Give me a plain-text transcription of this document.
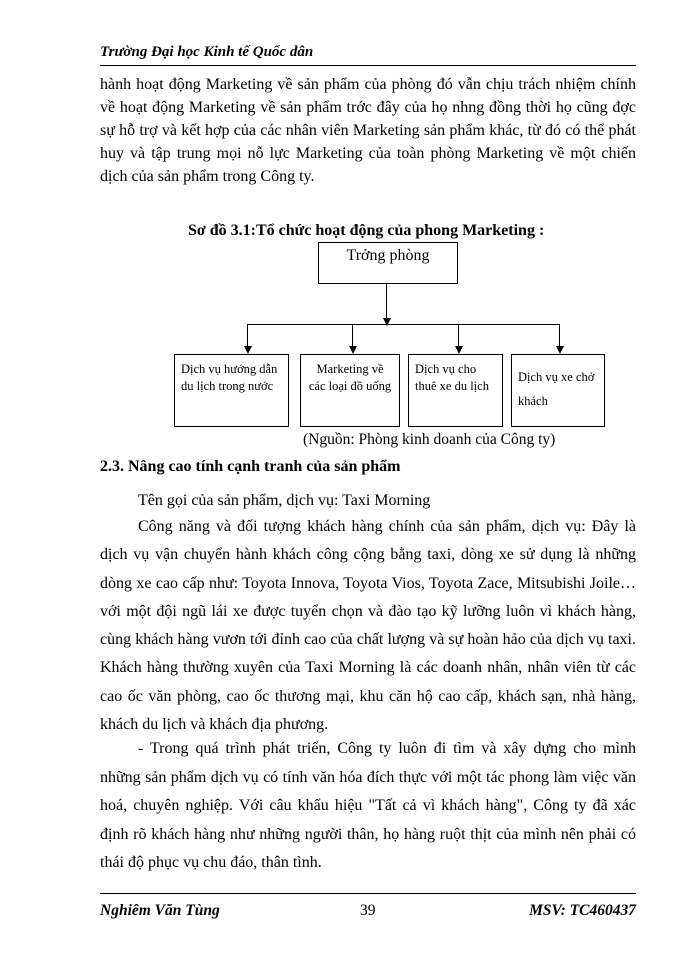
Trường Đại học Kinh tế Quốc dân

hành hoạt động Marketing về sản phẩm của phòng đó vẫn chịu trách nhiệm chính về hoạt động Marketing về sản phẩm trớc đây của họ nhng đồng thời họ cũng đợc sự hỗ trợ và kết hợp của các nhân viên Marketing sản phẩm khác, từ đó có thể phát huy và tập trung mọi nỗ lực Marketing của toàn phòng Marketing về một chiến dịch của sản phẩm trong Công ty.

Sơ đồ 3.1:Tổ chức hoạt động của phong Marketing :
Trởng phòng
Dịch vụ hướng dẫn du lịch trong nước
Marketing về các loại đồ uống
Dịch vụ cho thuê xe du lịch
Dịch vụ xe chở khách
(Nguồn: Phòng kinh doanh của Công ty)
2.3. Nâng cao tính cạnh tranh của sản phẩm

Tên gọi của sản phẩm, dịch vụ: Taxi Morning

Công năng và đối tượng khách hàng chính của sản phẩm, dịch vụ: Đây là dịch vụ vận chuyển hành khách công cộng bằng taxi, dòng xe sử dụng là những dòng xe cao cấp như: Toyota Innova, Toyota Vios, Toyota Zace, Mitsubishi Joile…với một đội ngũ lái xe được tuyển chọn và đào tạo kỹ lưỡng luôn vì khách hàng, cùng khách hàng vươn tới đỉnh cao của chất lượng và sự hoàn hảo của dịch vụ taxi. Khách hàng thường xuyên của Taxi Morning là các doanh nhân, nhân viên từ các cao ốc văn phòng, cao ốc thương mại, khu căn hộ cao cấp, khách sạn, nhà hàng, khách du lịch và khách địa phương.

- Trong quá trình phát triển, Công ty luôn đi tìm và xây dựng cho mình những sản phẩm dịch vụ có tính văn hóa đích thực với một tác phong làm việc văn hoá, chuyên nghiệp. Với câu khẩu hiệu "Tất cả vì khách hàng", Công ty đã xác định rõ khách hàng như những người thân, họ hàng ruột thịt của mình nên phải có thái độ phục vụ chu đáo, thân tình.

Nghiêm Văn Tùng	39	MSV: TC460437
